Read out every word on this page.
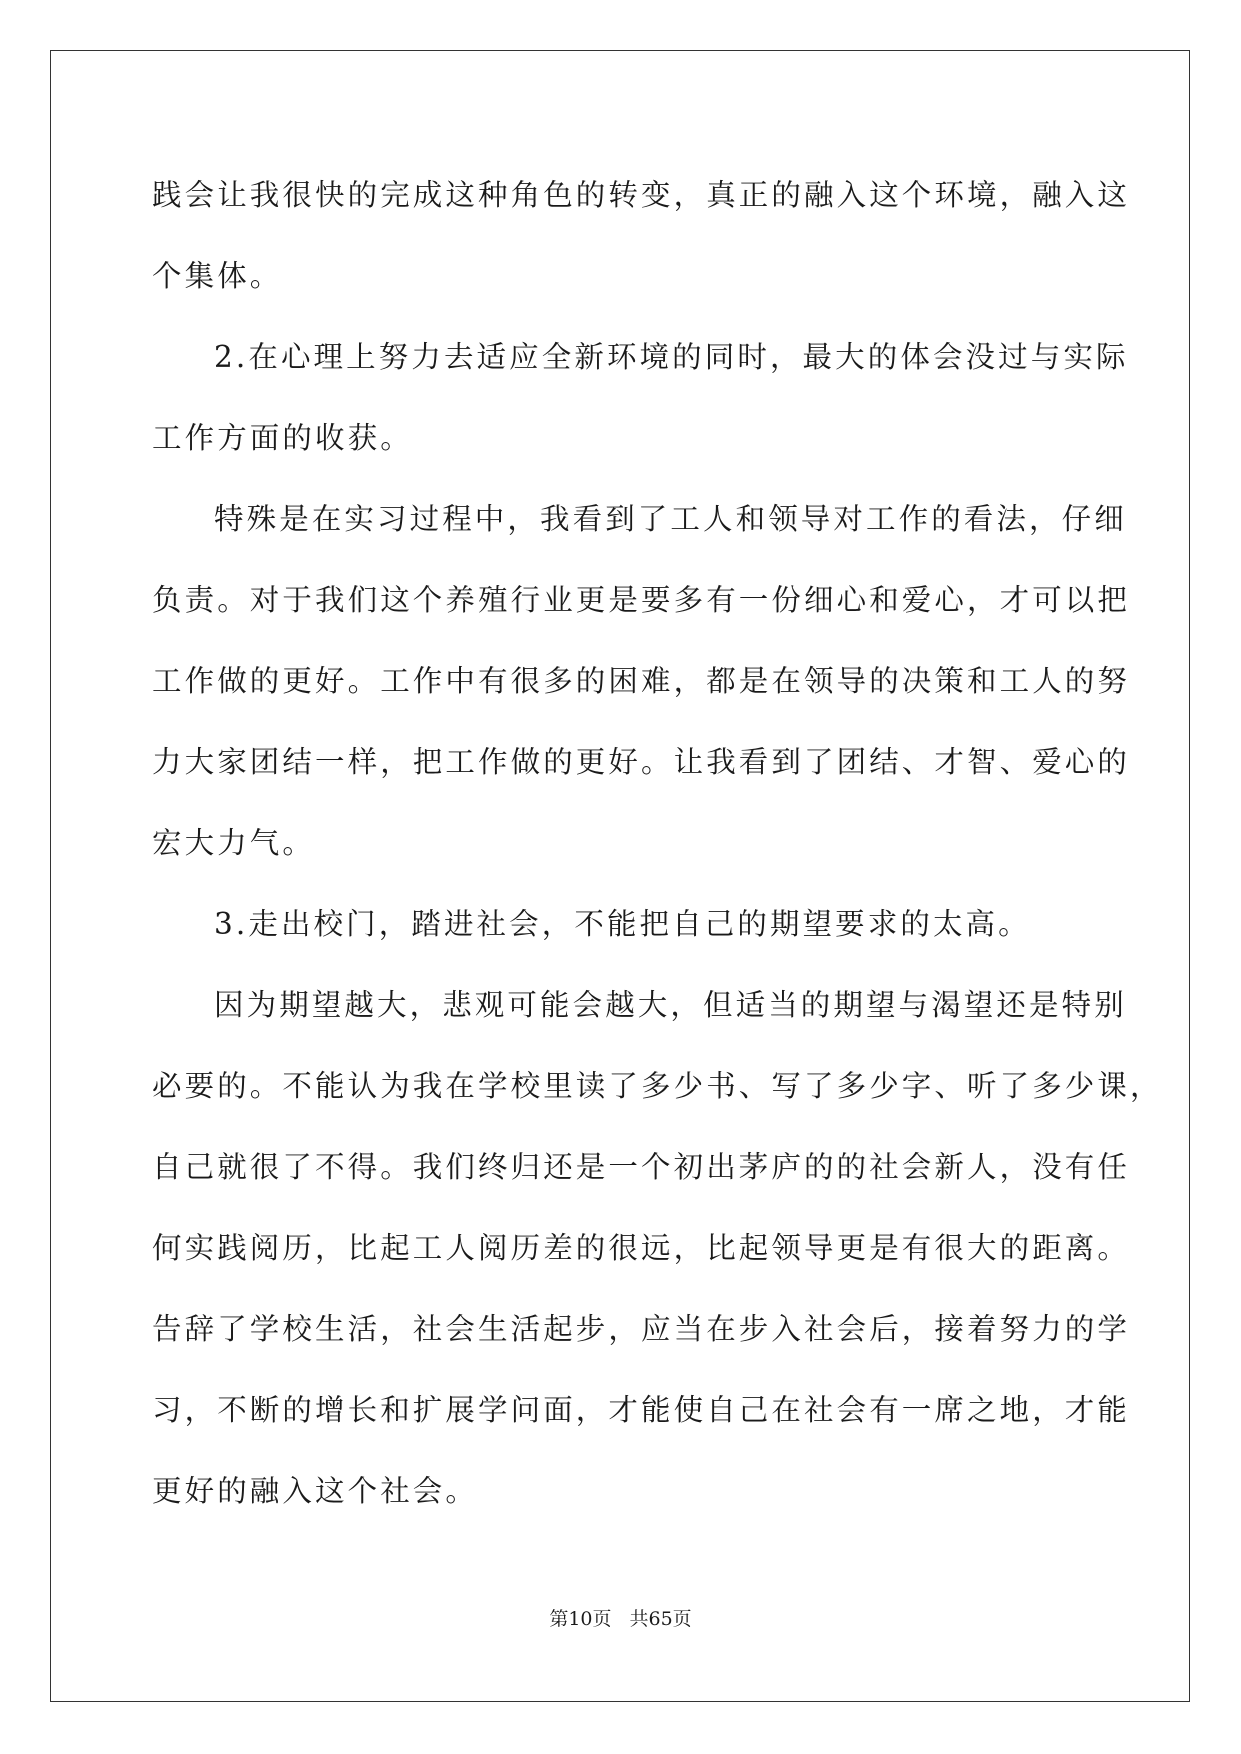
践会让我很快的完成这种角色的转变，真正的融入这个环境，融入这
个集体。
2.在心理上努力去适应全新环境的同时，最大的体会没过与实际
工作方面的收获。
特殊是在实习过程中，我看到了工人和领导对工作的看法，仔细
负责。对于我们这个养殖行业更是要多有一份细心和爱心，才可以把
工作做的更好。工作中有很多的困难，都是在领导的决策和工人的努
力大家团结一样，把工作做的更好。让我看到了团结、才智、爱心的
宏大力气。
3.走出校门，踏进社会，不能把自己的期望要求的太高。
因为期望越大，悲观可能会越大，但适当的期望与渴望还是特别
必要的。不能认为我在学校里读了多少书、写了多少字、听了多少课，
自己就很了不得。我们终归还是一个初出茅庐的的社会新人，没有任
何实践阅历，比起工人阅历差的很远，比起领导更是有很大的距离。
告辞了学校生活，社会生活起步，应当在步入社会后，接着努力的学
习，不断的增长和扩展学问面，才能使自己在社会有一席之地，才能
更好的融入这个社会。
第10页 共65页
